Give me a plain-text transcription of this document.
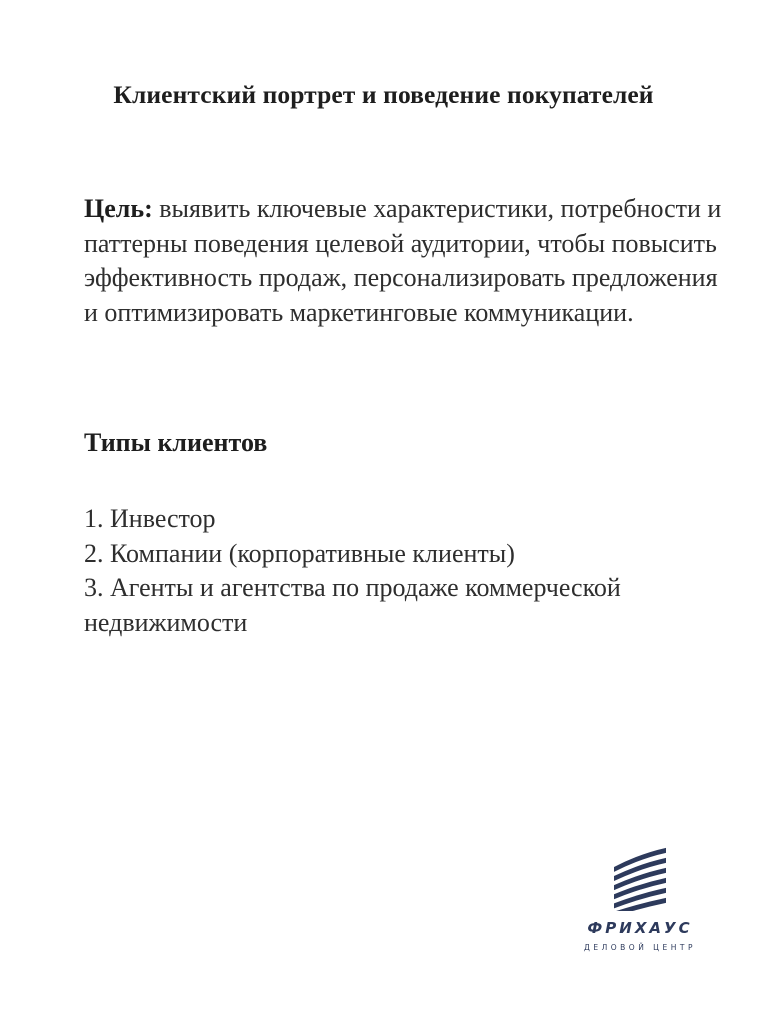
Клиентский портрет и поведение покупателей

Цель: выявить ключевые характеристики, потребности и паттерны поведения целевой аудитории, чтобы повысить эффективность продаж, персонализировать предложения и оптимизировать маркетинговые коммуникации.

Типы клиентов
1. Инвестор
2. Компании (корпоративные клиенты)
3. Агенты и агентства по продаже коммерческой недвижимости
ФРИХАУС
ДЕЛОВОЙ ЦЕНТР
